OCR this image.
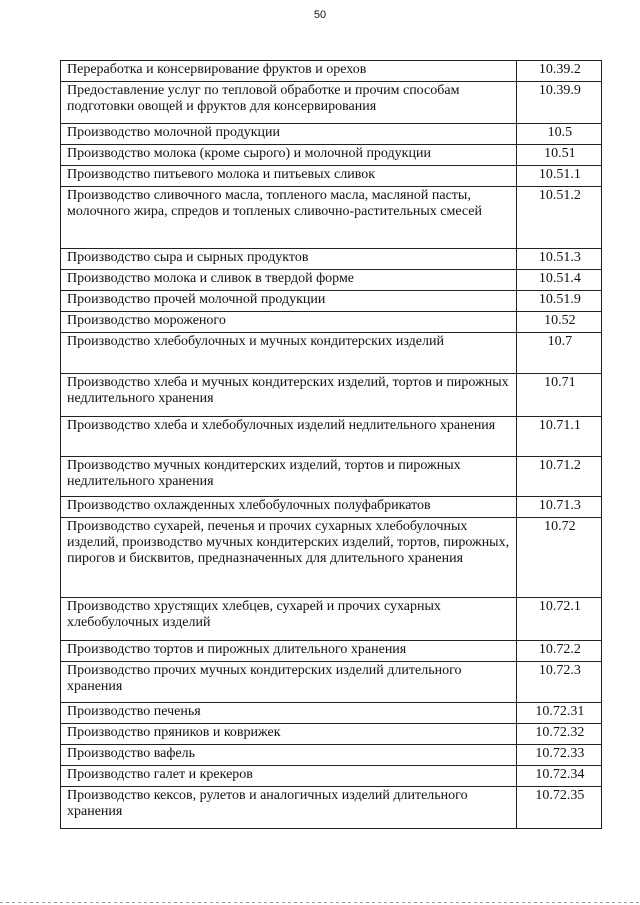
50
Переработка и консервирование фруктов и орехов	10.39.2
Предоставление услуг по тепловой обработке и прочим способам подготовки овощей и фруктов для консервирования	10.39.9
Производство молочной продукции	10.5
Производство молока (кроме сырого) и молочной продукции	10.51
Производство питьевого молока и питьевых сливок	10.51.1
Производство сливочного масла, топленого масла, масляной пасты, молочного жира, спредов и топленых сливочно-растительных смесей	10.51.2
Производство сыра и сырных продуктов	10.51.3
Производство молока и сливок в твердой форме	10.51.4
Производство прочей молочной продукции	10.51.9
Производство мороженого	10.52
Производство хлебобулочных и мучных кондитерских изделий	10.7
Производство хлеба и мучных кондитерских изделий, тортов и пирожных недлительного хранения	10.71
Производство хлеба и хлебобулочных изделий недлительного хранения	10.71.1
Производство мучных кондитерских изделий, тортов и пирожных недлительного хранения	10.71.2
Производство охлажденных хлебобулочных полуфабрикатов	10.71.3
Производство сухарей, печенья и прочих сухарных хлебобулочных изделий, производство мучных кондитерских изделий, тортов, пирожных, пирогов и бисквитов, предназначенных для длительного хранения	10.72
Производство хрустящих хлебцев, сухарей и прочих сухарных хлебобулочных изделий	10.72.1
Производство тортов и пирожных длительного хранения	10.72.2
Производство прочих мучных кондитерских изделий длительного хранения	10.72.3
Производство печенья	10.72.31
Производство пряников и коврижек	10.72.32
Производство вафель	10.72.33
Производство галет и крекеров	10.72.34
Производство кексов, рулетов и аналогичных изделий длительного хранения	10.72.35
